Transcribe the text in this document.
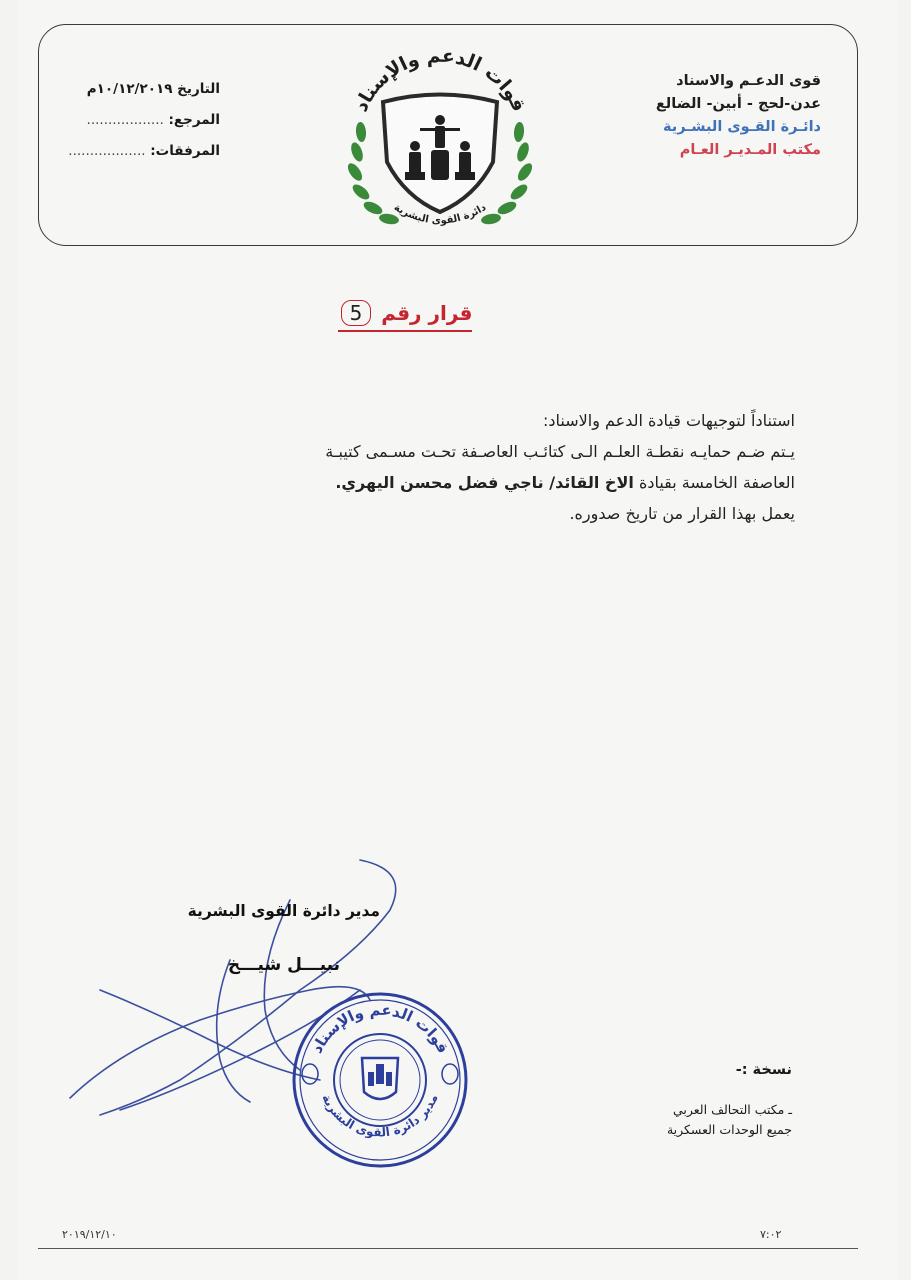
قوى الدعـم والاسناد
عدن-لحج - أبين- الضالع
دائـرة القـوى البشـرية
مكتب المـديـر العـام
التاريخ ١٠/١٢/٢٠١٩م
المرجع: ..................
المرفقات: ..................
قوات الدعم والإسناد
دائرة القوى البشرية
قرار رقم 5

استناداً لتوجيهات قيادة الدعم والاسناد:

يـتم ضـم حمايـه نقطـة العلـم الـى كتائـب العاصـفة تحـت مسـمى كتيبـة

العاصفة الخامسة بقيادة الاخ القائد/ ناجي فضل محسن اليهري.

يعمل بهذا القرار من تاريخ صدوره.

مدير دائرة القوى البشرية
نبيـــل شيـــخ
قوات الدعم والإسناد
مدير دائرة القوى البشرية
نسخة :-
ـ مكتب التحالف العربي
جميع الوحدات العسكرية
٢٠١٩/١٢/١٠	٧:٠٢
